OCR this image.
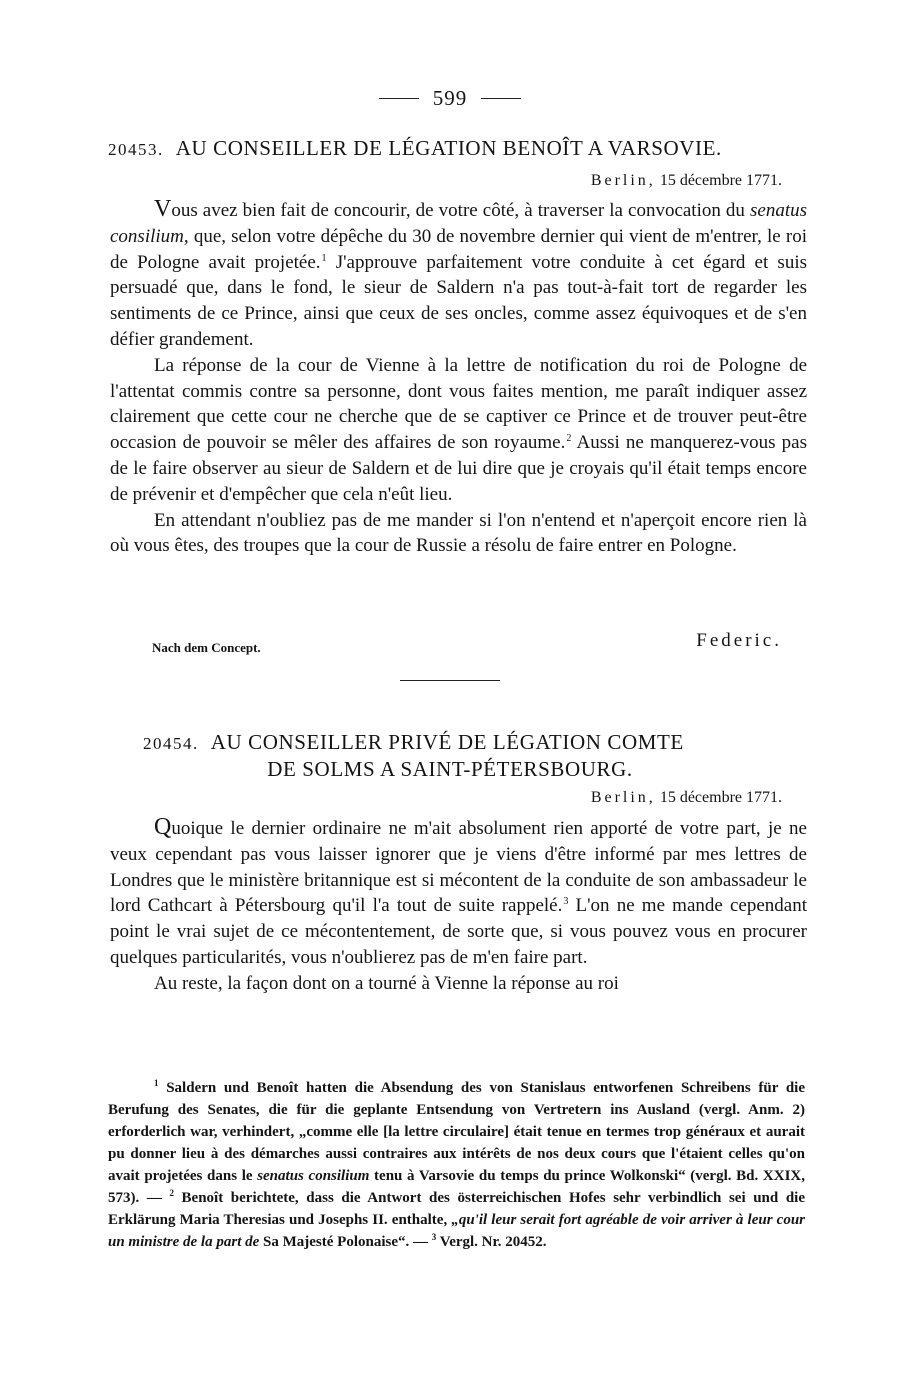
599
20453. AU CONSEILLER DE LÉGATION BENOÎT A VARSOVIE.
Berlin, 15 décembre 1771.

Vous avez bien fait de concourir, de votre côté, à traverser la convocation du senatus consilium, que, selon votre dépêche du 30 de novembre dernier qui vient de m'entrer, le roi de Pologne avait projetée.$^1$ J'approuve parfaitement votre conduite à cet égard et suis persuadé que, dans le fond, le sieur de Saldern n'a pas tout-à-fait tort de regarder les sentiments de ce Prince, ainsi que ceux de ses oncles, comme assez équivoques et de s'en défier grandement.

La réponse de la cour de Vienne à la lettre de notification du roi de Pologne de l'attentat commis contre sa personne, dont vous faites mention, me paraît indiquer assez clairement que cette cour ne cherche que de se captiver ce Prince et de trouver peut-être occasion de pouvoir se mêler des affaires de son royaume.$^2$ Aussi ne manquerez-vous pas de le faire observer au sieur de Saldern et de lui dire que je croyais qu'il était temps encore de prévenir et d'empêcher que cela n'eût lieu.

En attendant n'oubliez pas de me mander si l'on n'entend et n'aperçoit encore rien là où vous êtes, des troupes que la cour de Russie a résolu de faire entrer en Pologne.

Nach dem Concept.	Federic.
20454. AU CONSEILLER PRIVÉ DE LÉGATION COMTE
DE SOLMS A SAINT-PÉTERSBOURG.
Berlin, 15 décembre 1771.

Quoique le dernier ordinaire ne m'ait absolument rien apporté de votre part, je ne veux cependant pas vous laisser ignorer que je viens d'être informé par mes lettres de Londres que le ministère britannique est si mécontent de la conduite de son ambassadeur le lord Cathcart à Pétersbourg qu'il l'a tout de suite rappelé.$^3$ L'on ne me mande cependant point le vrai sujet de ce mécontentement, de sorte que, si vous pouvez vous en procurer quelques particularités, vous n'oublierez pas de m'en faire part.

Au reste, la façon dont on a tourné à Vienne la réponse au roi

$^1$ Saldern und Benoît hatten die Absendung des von Stanislaus entworfenen Schreibens für die Berufung des Senates, die für die geplante Entsendung von Vertretern ins Ausland (vergl. Anm. 2) erforderlich war, verhindert, „comme elle [la lettre circulaire] était tenue en termes trop généraux et aurait pu donner lieu à des démarches aussi contraires aux intérêts de nos deux cours que l'étaient celles qu'on avait projetées dans le senatus consilium tenu à Varsovie du temps du prince Wolkonski“ (vergl. Bd. XXIX, 573). — $^2$ Benoît berichtete, dass die Antwort des österreichischen Hofes sehr verbindlich sei und die Erklärung Maria Theresias und Josephs II. enthalte, „qu'il leur serait fort agréable de voir arriver à leur cour un ministre de la part de Sa Majesté Polonaise“. — $^3$ Vergl. Nr. 20452.
